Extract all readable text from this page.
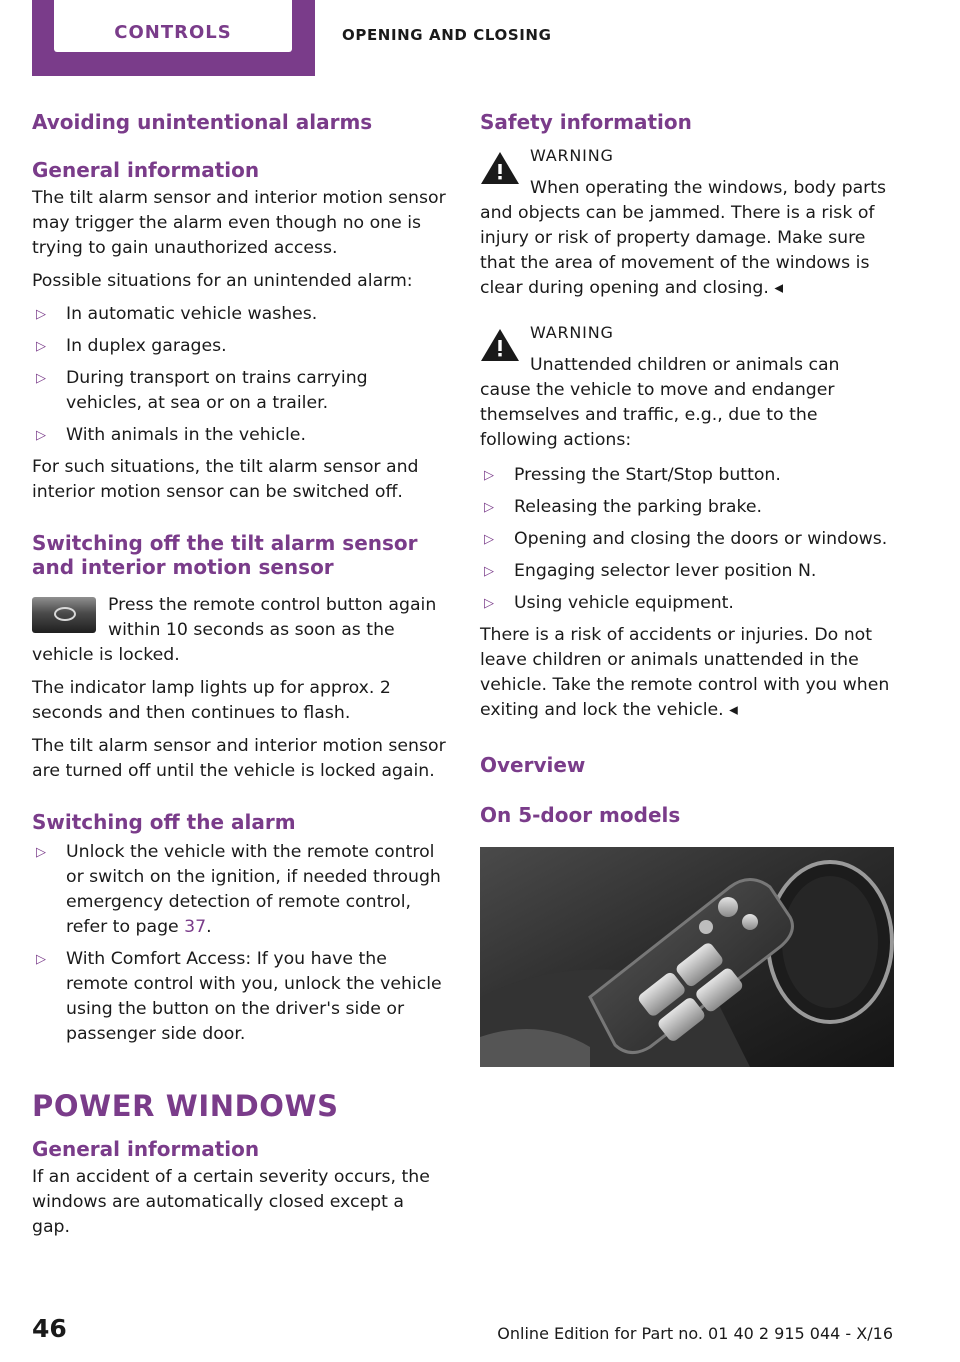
CONTROLS	OPENING AND CLOSING
Avoiding unintentional alarms
General information

The tilt alarm sensor and interior motion sensor may trigger the alarm even though no one is trying to gain unauthorized access.

Possible situations for an unintended alarm:

▷ In automatic vehicle washes.
▷ In duplex garages.
▷ During transport on trains carrying vehicles, at sea or on a trailer.
▷ With animals in the vehicle.

For such situations, the tilt alarm sensor and interior motion sensor can be switched off.

Switching off the tilt alarm sensor and interior motion sensor

Press the remote control button again within 10 seconds as soon as the vehicle is locked.

The indicator lamp lights up for approx. 2 seconds and then continues to flash.

The tilt alarm sensor and interior motion sensor are turned off until the vehicle is locked again.

Switching off the alarm
▷ Unlock the vehicle with the remote control or switch on the ignition, if needed through emergency detection of remote control, refer to page 37.
▷ With Comfort Access: If you have the remote control with you, unlock the vehicle using the button on the driver's side or passenger side door.
POWER WINDOWS
General information

If an accident of a certain severity occurs, the windows are automatically closed except a gap.

Safety information
WARNING
When operating the windows, body parts and objects can be jammed. There is a risk of injury or risk of property damage. Make sure that the area of movement of the windows is clear during opening and closing. ◂
WARNING
Unattended children or animals can cause the vehicle to move and endanger themselves and traffic, e.g., due to the following actions:
▷ Pressing the Start/Stop button.
▷ Releasing the parking brake.
▷ Opening and closing the doors or windows.
▷ Engaging selector lever position N.
▷ Using vehicle equipment.

There is a risk of accidents or injuries. Do not leave children or animals unattended in the vehicle. Take the remote control with you when exiting and lock the vehicle. ◂

Overview
On 5-door models
46	Online Edition for Part no. 01 40 2 915 044 - X/16
